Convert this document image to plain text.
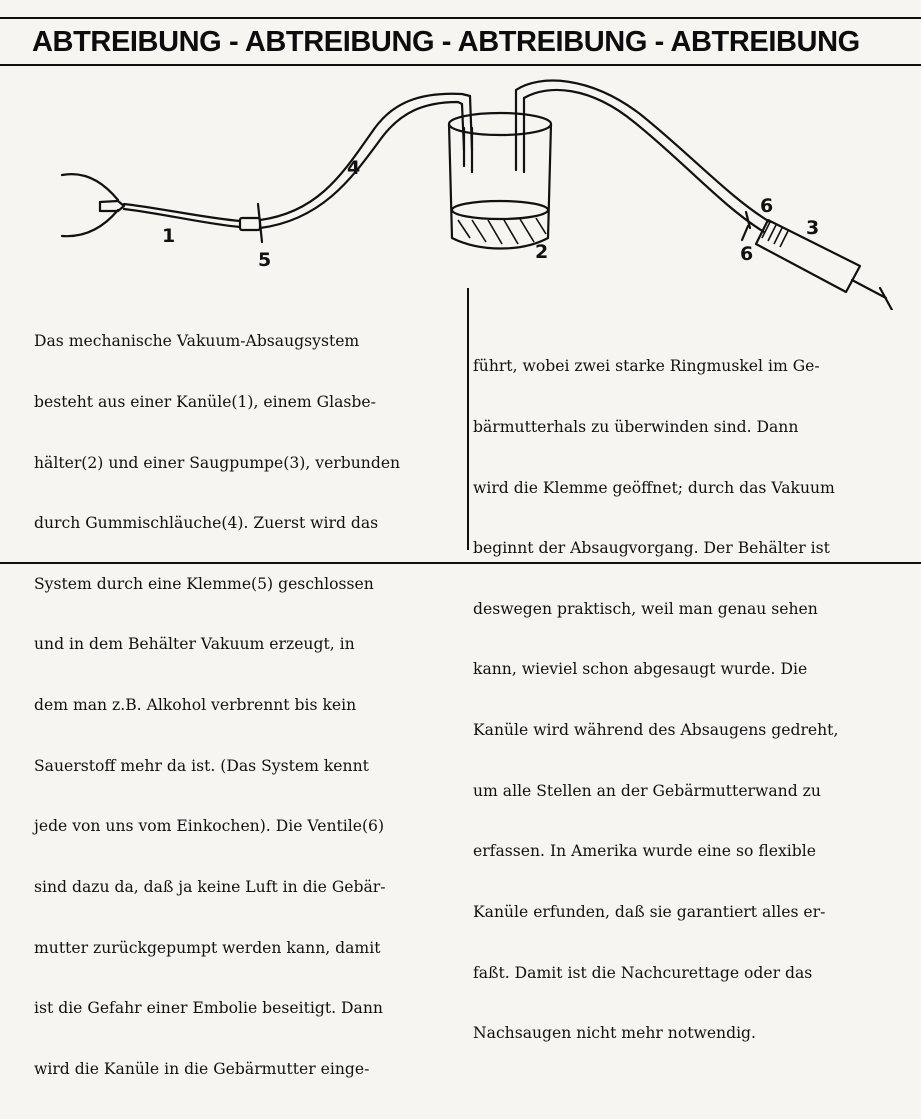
ABTREIBUNG - ABTREIBUNG - ABTREIBUNG - ABTREIBUNG
1
5
4
2
6
6
3

Das mechanische Vakuum-Absaugsystem

besteht aus einer Kanüle(1), einem Glasbe-

hälter(2) und einer Saugpumpe(3), verbunden

durch Gummischläuche(4). Zuerst wird das

System durch eine Klemme(5) geschlossen

und in dem Behälter Vakuum erzeugt, in

dem man z.B. Alkohol verbrennt bis kein

Sauerstoff mehr da ist. (Das System kennt

jede von uns vom Einkochen). Die Ventile(6)

sind dazu da, daß ja keine Luft in die Gebär-

mutter zurückgepumpt werden kann, damit

ist die Gefahr einer Embolie beseitigt. Dann

wird die Kanüle in die Gebärmutter einge-

führt, wobei zwei starke Ringmuskel im Ge-

bärmutterhals zu überwinden sind. Dann

wird die Klemme geöffnet; durch das Vakuum

beginnt der Absaugvorgang. Der Behälter ist

deswegen praktisch, weil man genau sehen

kann, wieviel schon abgesaugt wurde. Die

Kanüle wird während des Absaugens gedreht,

um alle Stellen an der Gebärmutterwand zu

erfassen. In Amerika wurde eine so flexible

Kanüle erfunden, daß sie garantiert alles er-

faßt. Damit ist die Nachcurettage oder das

Nachsaugen nicht mehr notwendig.
